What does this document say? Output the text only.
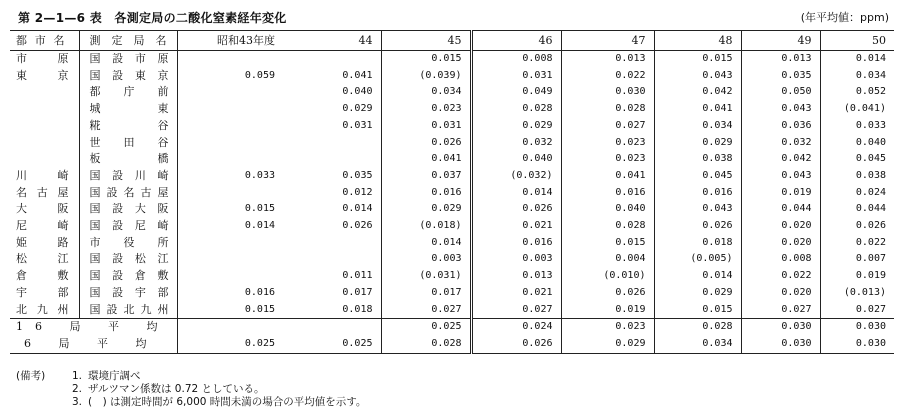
第 2—1—6 表　各測定局の二酸化窒素経年変化	(年平均値：ppm)
都市名	測定局名	昭和43年度	44	45	46	47	48	49	50
市原	国設市原			0.015	0.008	0.013	0.015	0.013	0.014
東京	国設東京	0.059	0.041	(0.039)	0.031	0.022	0.043	0.035	0.034
	都庁前		0.040	0.034	0.049	0.030	0.042	0.050	0.052
	城東		0.029	0.023	0.028	0.028	0.041	0.043	(0.041)
	糀谷		0.031	0.031	0.029	0.027	0.034	0.036	0.033
	世田谷			0.026	0.032	0.023	0.029	0.032	0.040
	板橋			0.041	0.040	0.023	0.038	0.042	0.045
川崎	国設川崎	0.033	0.035	0.037	(0.032)	0.041	0.045	0.043	0.038
名古屋	国設名古屋		0.012	0.016	0.014	0.016	0.016	0.019	0.024
大阪	国設大阪	0.015	0.014	0.029	0.026	0.040	0.043	0.044	0.044
尼崎	国設尼崎	0.014	0.026	(0.018)	0.021	0.028	0.026	0.020	0.026
姫路	市役所			0.014	0.016	0.015	0.018	0.020	0.022
松江	国設松江			0.003	0.003	0.004	(0.005)	0.008	0.007
倉敷	国設倉敷		0.011	(0.031)	0.013	(0.010)	0.014	0.022	0.019
宇部	国設宇部	0.016	0.017	0.017	0.021	0.026	0.029	0.020	(0.013)
北九州	国設北九州	0.015	0.018	0.027	0.027	0.019	0.015	0.027	0.027
16 局 平 均				0.025	0.024	0.023	0.028	0.030	0.030
6 局 平 均		0.025	0.025	0.028	0.026	0.029	0.034	0.030	0.030
(備考)	1. 環境庁調べ
2. ザルツマン係数は 0.72 としている。
3. (　) は測定時間が 6,000 時間未満の場合の平均値を示す。
